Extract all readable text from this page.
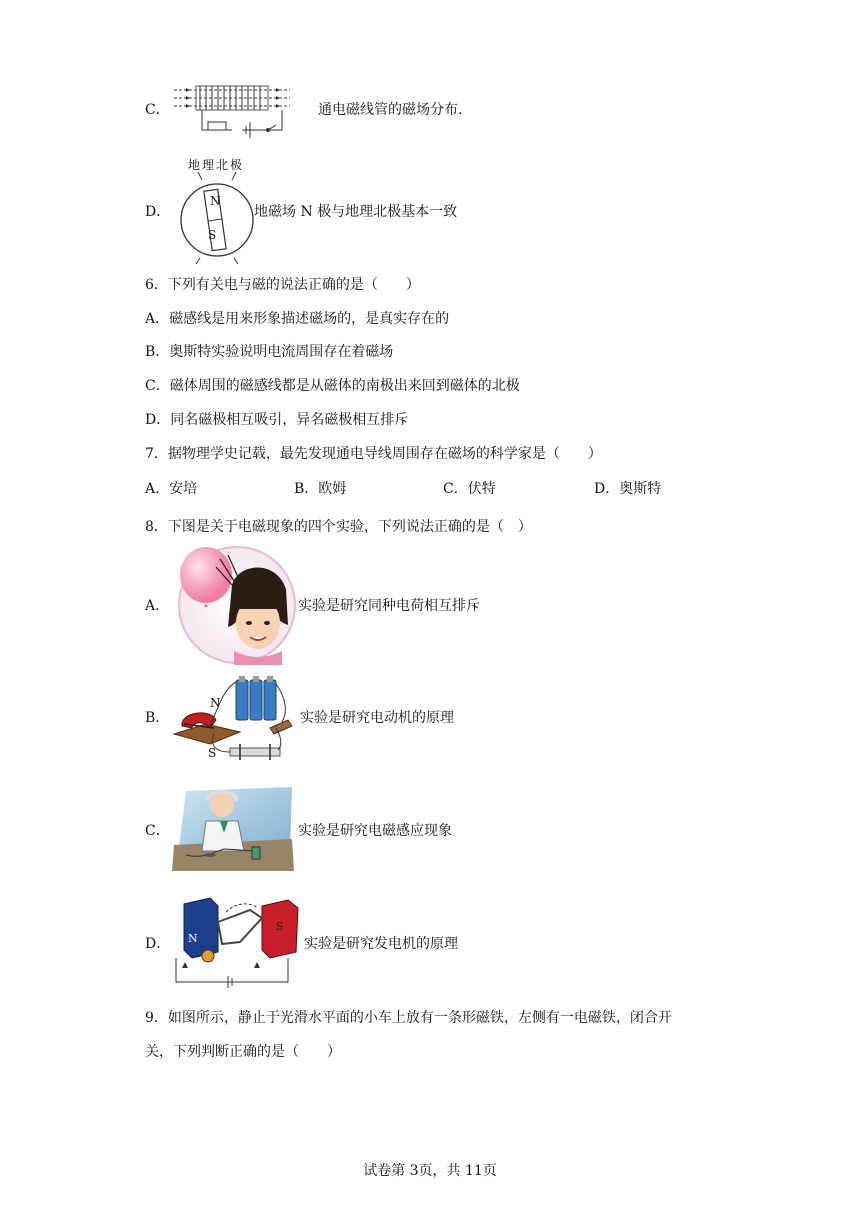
C．	通电磁线管的磁场分布.
D．
地理北极
N
S
地磁场 N 极与地理北极基本一致
6．下列有关电与磁的说法正确的是（　　）
A．磁感线是用来形象描述磁场的，是真实存在的
B．奥斯特实验说明电流周围存在着磁场
C．磁体周围的磁感线都是从磁体的南极出来回到磁体的北极
D．同名磁极相互吸引，异名磁极相互排斥
7．据物理学史记载，最先发现通电导线周围存在磁场的科学家是（　　）
A．安培	B．欧姆	C．伏特	D．奥斯特
8．下图是关于电磁现象的四个实验，下列说法正确的是（　）
A．	实验是研究同种电荷相互排斥
B．
N
S
实验是研究电动机的原理
C．	实验是研究电磁感应现象
D． N
S
实验是研究发电机的原理
9．如图所示，静止于光滑水平面的小车上放有一条形磁铁，左侧有一电磁铁，闭合开
关，下列判断正确的是（　　）
试卷第 3页，共 11页
